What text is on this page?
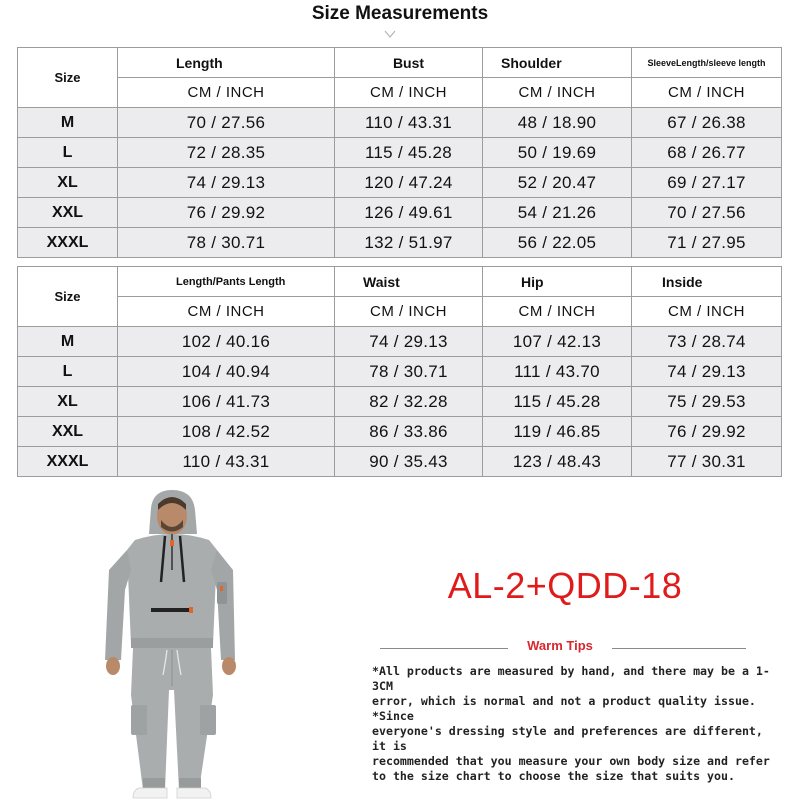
Size Measurements
Size	Length	Bust	Shoulder	SleeveLength/sleeve length
	CM / INCH	CM / INCH	CM / INCH	CM / INCH
M	70 / 27.56	110 / 43.31	48 / 18.90	67 / 26.38
L	72 / 28.35	115 / 45.28	50 / 19.69	68 / 26.77
XL	74 / 29.13	120 / 47.24	52 / 20.47	69 / 27.17
XXL	76 / 29.92	126 / 49.61	54 / 21.26	70 / 27.56
XXXL	78 / 30.71	132 / 51.97	56 / 22.05	71 / 27.95
Size	Length/Pants Length	Waist	Hip	Inside
	CM / INCH	CM / INCH	CM / INCH	CM / INCH
M	102 / 40.16	74 / 29.13	107 / 42.13	73 / 28.74
L	104 / 40.94	78 / 30.71	111 / 43.70	74 / 29.13
XL	106 / 41.73	82 / 32.28	115 / 45.28	75 / 29.53
XXL	108 / 42.52	86 / 33.86	119 / 46.85	76 / 29.92
XXXL	110 / 43.31	90 / 35.43	123 / 48.43	77 / 30.31
AL-2+QDD-18
Warm Tips
*All products are measured by hand, and there may be a 1-3CM
error, which is normal and not a product quality issue. *Since
everyone's dressing style and preferences are different, it is
recommended that you measure your own body size and refer
to the size chart to choose the size that suits you.
